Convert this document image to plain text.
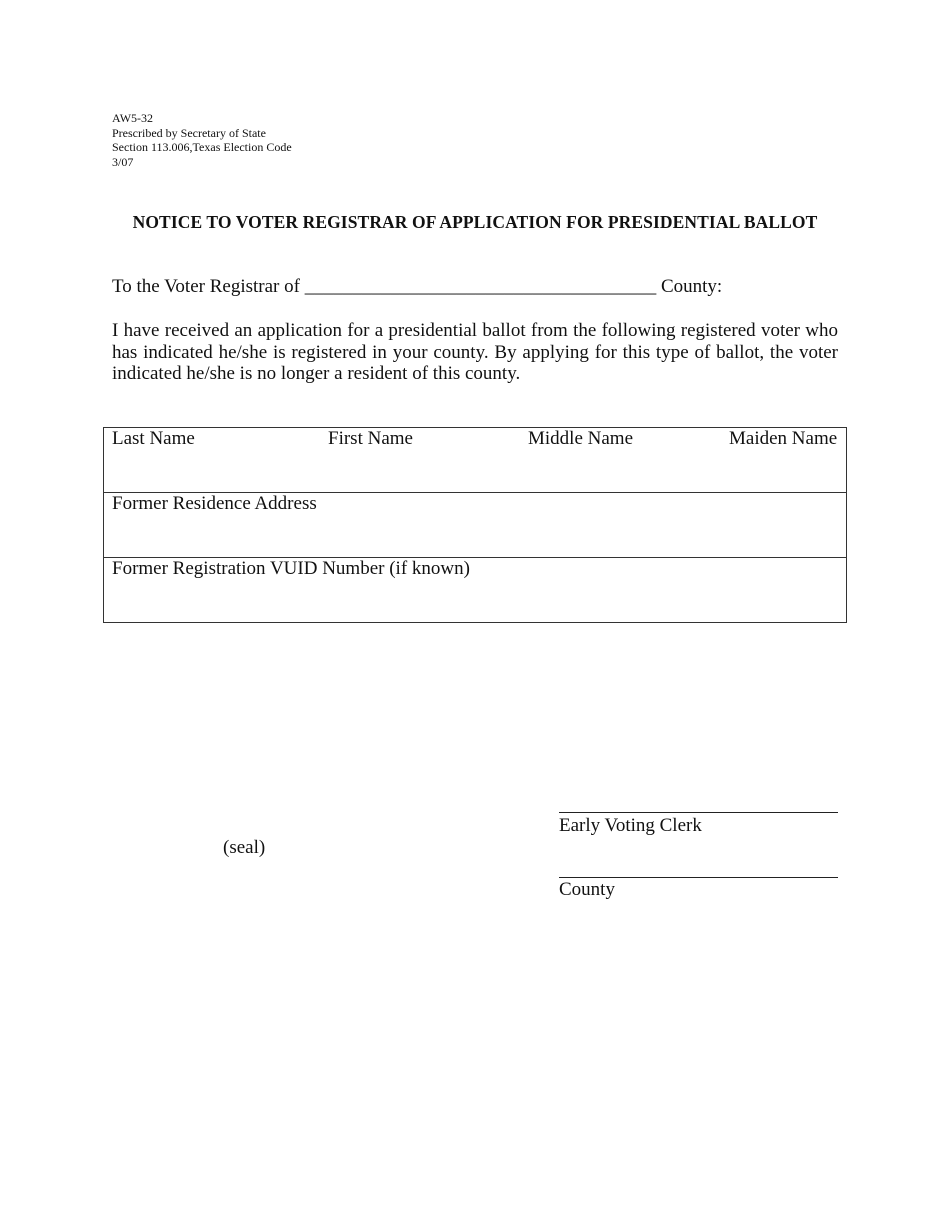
AW5-32
Prescribed by Secretary of State
Section 113.006,Texas Election Code
3/07
NOTICE TO VOTER REGISTRAR OF APPLICATION FOR PRESIDENTIAL BALLOT
To the Voter Registrar of _____________________________________ County:
I have received an application for a presidential ballot from the following registered voter who has indicated he/she is registered in your county. By applying for this type of ballot, the voter indicated he/she is no longer a resident of this county.
Last Name	First Name	Middle Name	Maiden Name
Former Residence Address
Former Registration VUID Number (if known)
Early Voting Clerk
(seal)
County
